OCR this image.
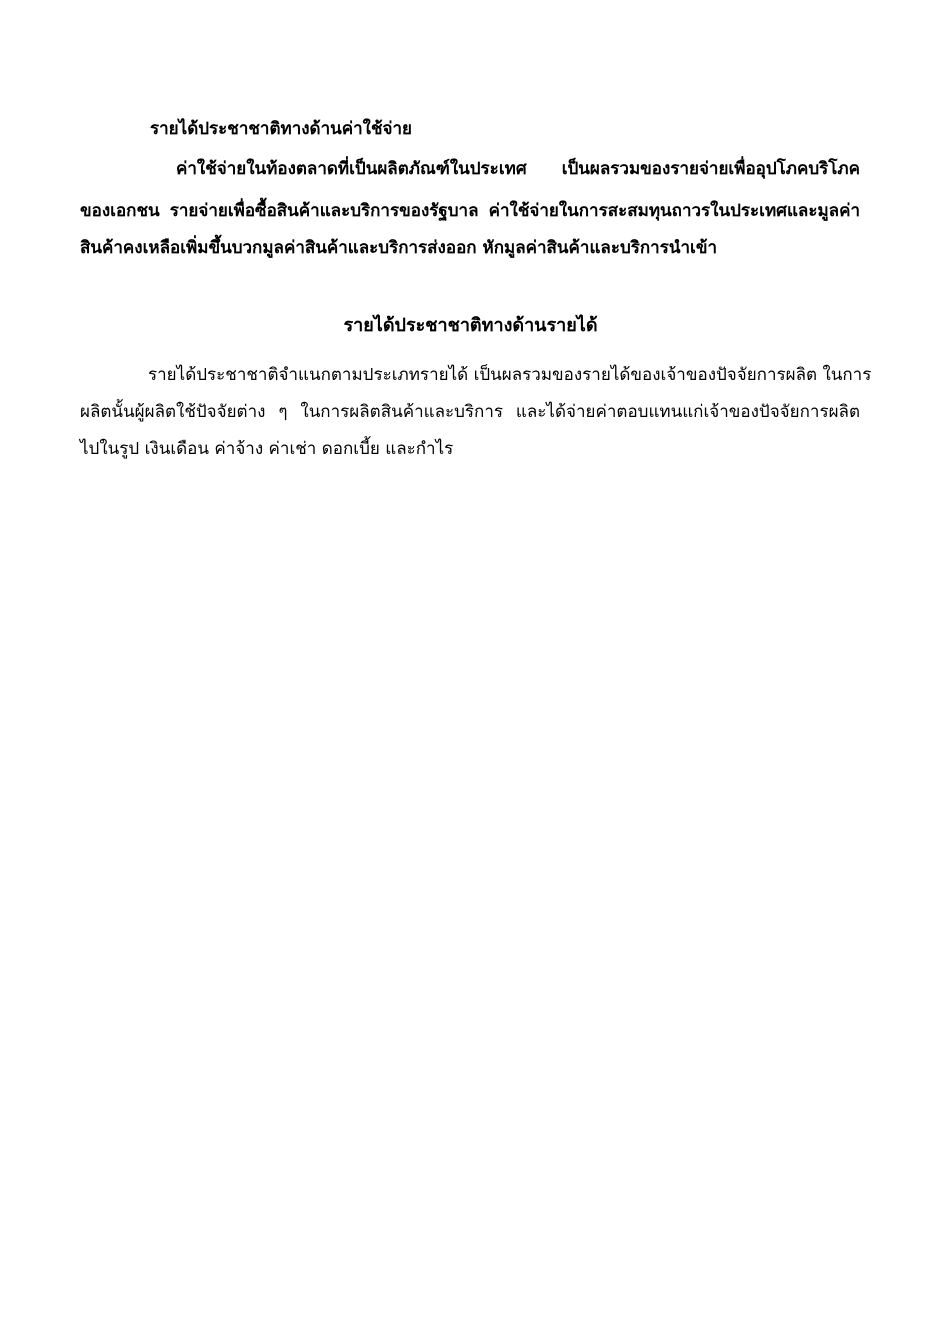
รายได้ประชาชาติทางด้านค่าใช้จ่าย
ค่าใช้จ่ายในท้องตลาดที่เป็นผลิตภัณฑ์ในประเทศ เป็นผลรวมของรายจ่ายเพื่ออุปโภคบริโภค
ของเอกชน รายจ่ายเพื่อซื้อสินค้าและบริการของรัฐบาล ค่าใช้จ่ายในการสะสมทุนถาวรในประเทศและมูลค่า
สินค้าคงเหลือเพิ่มขึ้นบวกมูลค่าสินค้าและบริการส่งออก หักมูลค่าสินค้าและบริการนำเข้า
รายได้ประชาชาติทางด้านรายได้
รายได้ประชาชาติจำแนกตามประเภทรายได้ เป็นผลรวมของรายได้ของเจ้าของปัจจัยการผลิต ในการ
ผลิตนั้นผู้ผลิตใช้ปัจจัยต่าง ๆ ในการผลิตสินค้าและบริการ และได้จ่ายค่าตอบแทนแก่เจ้าของปัจจัยการผลิต
ไปในรูป เงินเดือน ค่าจ้าง ค่าเช่า ดอกเบี้ย และกำไร
